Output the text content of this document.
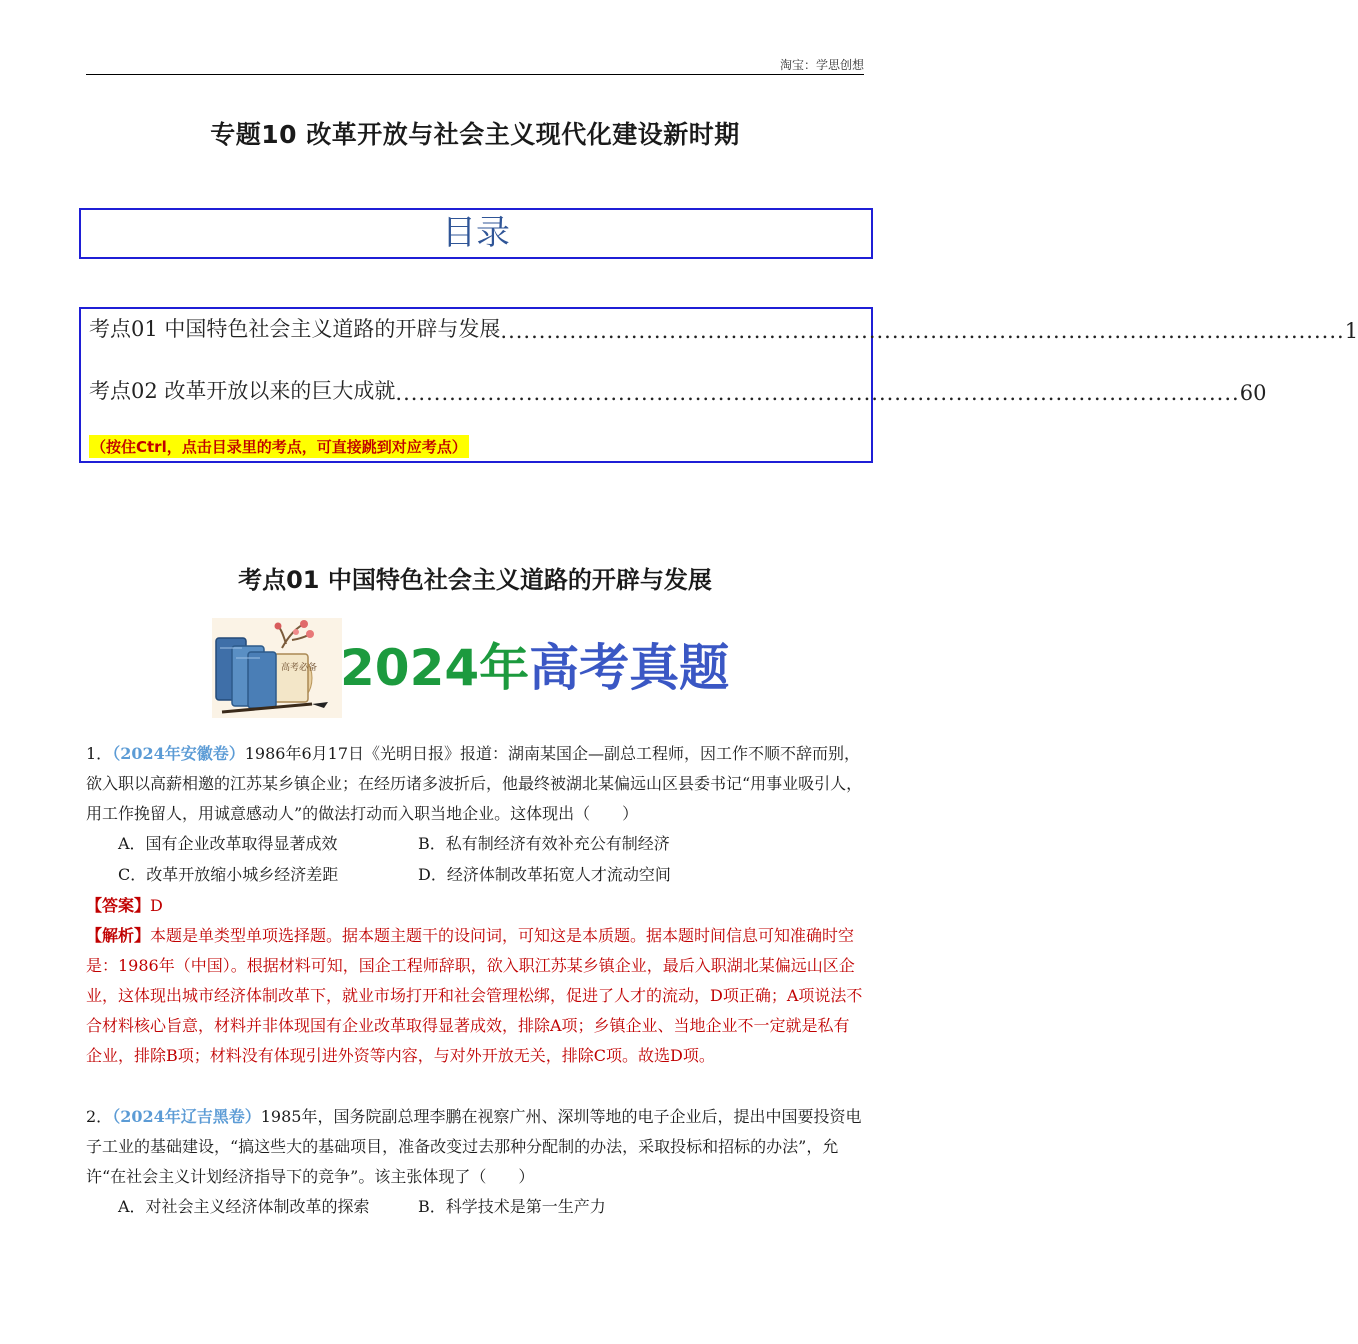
淘宝：学思创想
专题10 改革开放与社会主义现代化建设新时期
目录
考点01 中国特色社会主义道路的开辟与发展 .............................................................................................................. 1
考点02 改革开放以来的巨大成就 .............................................................................................................. 60
（按住Ctrl，点击目录里的考点，可直接跳到对应考点）
考点01 中国特色社会主义道路的开辟与发展
高考必备 2024年高考真题
1．（2024年安徽卷）1986年6月17日《光明日报》报道：湖南某国企—副总工程师，因工作不顺不辞而别，欲入职以高薪相邀的江苏某乡镇企业；在经历诸多波折后，他最终被湖北某偏远山区县委书记“用事业吸引人，用工作挽留人，用诚意感动人”的做法打动而入职当地企业。这体现出（　　）
A．国有企业改革取得显著成效	B．私有制经济有效补充公有制经济
C．改革开放缩小城乡经济差距	D．经济体制改革拓宽人才流动空间
【答案】D
【解析】本题是单类型单项选择题。据本题主题干的设问词，可知这是本质题。据本题时间信息可知准确时空是：1986年（中国）。根据材料可知，国企工程师辞职，欲入职江苏某乡镇企业，最后入职湖北某偏远山区企业，这体现出城市经济体制改革下，就业市场打开和社会管理松绑，促进了人才的流动，D项正确；A项说法不合材料核心旨意，材料并非体现国有企业改革取得显著成效，排除A项；乡镇企业、当地企业不一定就是私有企业，排除B项；材料没有体现引进外资等内容，与对外开放无关，排除C项。故选D项。
2．（2024年辽吉黑卷）1985年，国务院副总理李鹏在视察广州、深圳等地的电子企业后，提出中国要投资电子工业的基础建设，“搞这些大的基础项目，准备改变过去那种分配制的办法，采取投标和招标的办法”，允许“在社会主义计划经济指导下的竞争”。该主张体现了（　　）
A．对社会主义经济体制改革的探索	B．科学技术是第一生产力
